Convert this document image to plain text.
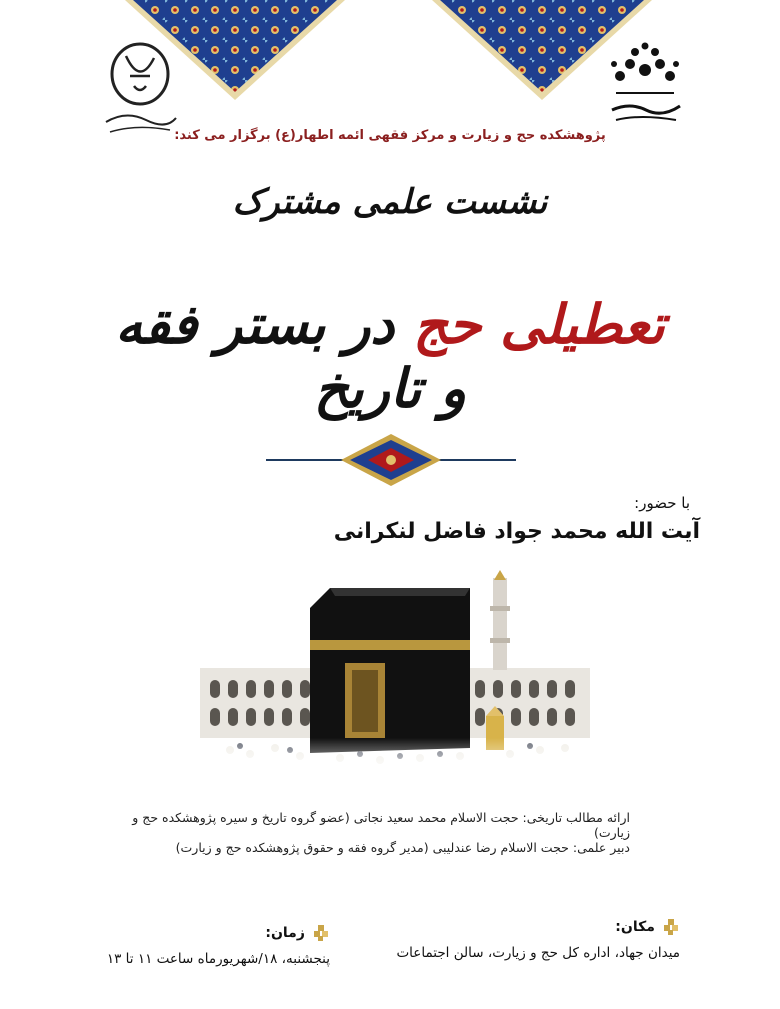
پژوهشکده حج و زیارت و مرکز فقهی ائمه اطهار(ع) برگزار می کند:
نشست علمی مشترک
تعطیلی حج در بستر فقه و تاریخ
با حضور:
آیت الله محمد جواد فاضل لنکرانی
ارائه مطالب تاریخی: حجت الاسلام محمد سعید نجاتی (عضو گروه تاریخ و سیره پژوهشکده حج و زیارت)
دبیر علمی: حجت الاسلام رضا عندلیبی (مدیر گروه فقه و حقوق پژوهشکده حج و زیارت)
مکان:
میدان جهاد، اداره کل حج و زیارت، سالن اجتماعات
زمان:
پنجشنبه، ۱۸/شهریورماه ساعت ۱۱ تا ۱۳
